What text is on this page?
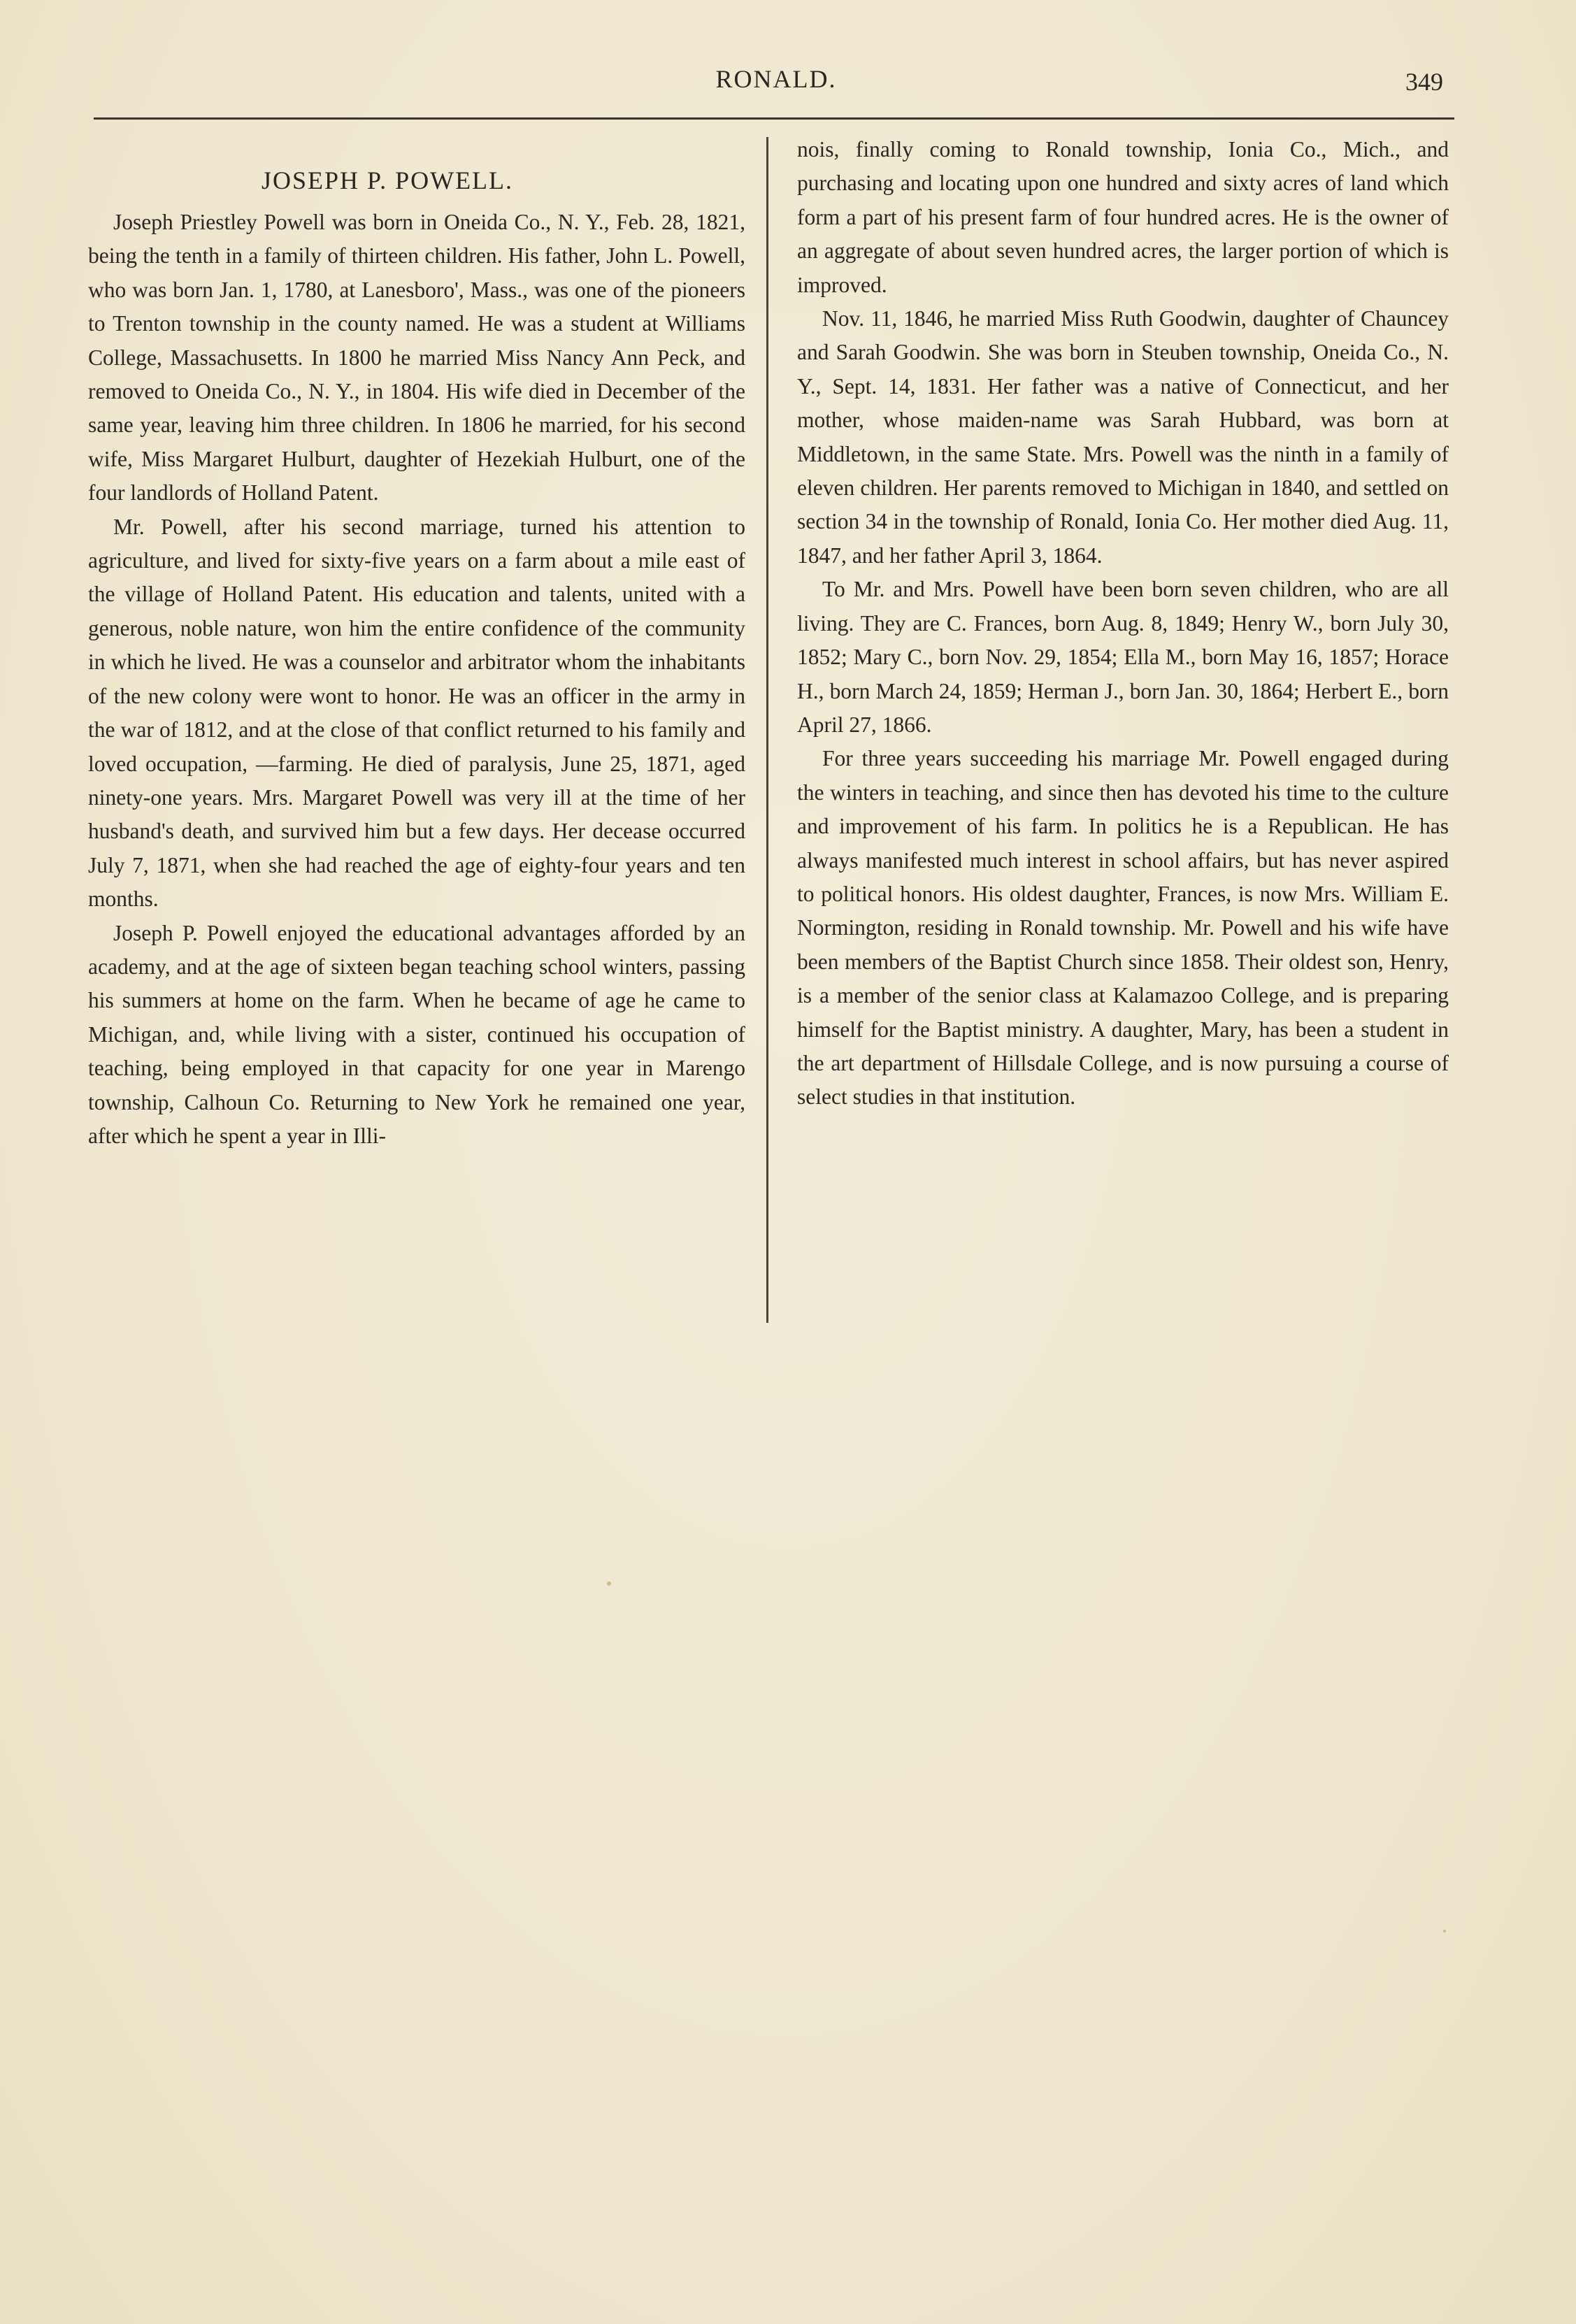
RONALD.	349
JOSEPH P. POWELL.

Joseph Priestley Powell was born in Oneida Co., N. Y., Feb. 28, 1821, being the tenth in a family of thirteen children. His father, John L. Powell, who was born Jan. 1, 1780, at Lanesboro', Mass., was one of the pioneers to Trenton township in the county named. He was a student at Williams College, Massachusetts. In 1800 he married Miss Nancy Ann Peck, and removed to Oneida Co., N. Y., in 1804. His wife died in December of the same year, leaving him three children. In 1806 he married, for his second wife, Miss Margaret Hulburt, daughter of Hezekiah Hulburt, one of the four landlords of Holland Patent.

Mr. Powell, after his second marriage, turned his attention to agriculture, and lived for sixty-five years on a farm about a mile east of the village of Holland Patent. His education and talents, united with a generous, noble nature, won him the entire confidence of the community in which he lived. He was a counselor and arbitrator whom the inhabitants of the new colony were wont to honor. He was an officer in the army in the war of 1812, and at the close of that conflict returned to his family and loved occupation, —farming. He died of paralysis, June 25, 1871, aged ninety-one years. Mrs. Margaret Powell was very ill at the time of her husband's death, and survived him but a few days. Her decease occurred July 7, 1871, when she had reached the age of eighty-four years and ten months.

Joseph P. Powell enjoyed the educational advantages afforded by an academy, and at the age of sixteen began teaching school winters, passing his summers at home on the farm. When he became of age he came to Michigan, and, while living with a sister, continued his occupation of teaching, being employed in that capacity for one year in Marengo township, Calhoun Co. Returning to New York he remained one year, after which he spent a year in Illi-

nois, finally coming to Ronald township, Ionia Co., Mich., and purchasing and locating upon one hundred and sixty acres of land which form a part of his present farm of four hundred acres. He is the owner of an aggregate of about seven hundred acres, the larger portion of which is improved.

Nov. 11, 1846, he married Miss Ruth Goodwin, daughter of Chauncey and Sarah Goodwin. She was born in Steuben township, Oneida Co., N. Y., Sept. 14, 1831. Her father was a native of Connecticut, and her mother, whose maiden-name was Sarah Hubbard, was born at Middletown, in the same State. Mrs. Powell was the ninth in a family of eleven children. Her parents removed to Michigan in 1840, and settled on section 34 in the township of Ronald, Ionia Co. Her mother died Aug. 11, 1847, and her father April 3, 1864.

To Mr. and Mrs. Powell have been born seven children, who are all living. They are C. Frances, born Aug. 8, 1849; Henry W., born July 30, 1852; Mary C., born Nov. 29, 1854; Ella M., born May 16, 1857; Horace H., born March 24, 1859; Herman J., born Jan. 30, 1864; Herbert E., born April 27, 1866.

For three years succeeding his marriage Mr. Powell engaged during the winters in teaching, and since then has devoted his time to the culture and improvement of his farm. In politics he is a Republican. He has always manifested much interest in school affairs, but has never aspired to political honors. His oldest daughter, Frances, is now Mrs. William E. Normington, residing in Ronald township. Mr. Powell and his wife have been members of the Baptist Church since 1858. Their oldest son, Henry, is a member of the senior class at Kalamazoo College, and is preparing himself for the Baptist ministry. A daughter, Mary, has been a student in the art department of Hillsdale College, and is now pursuing a course of select studies in that institution.
